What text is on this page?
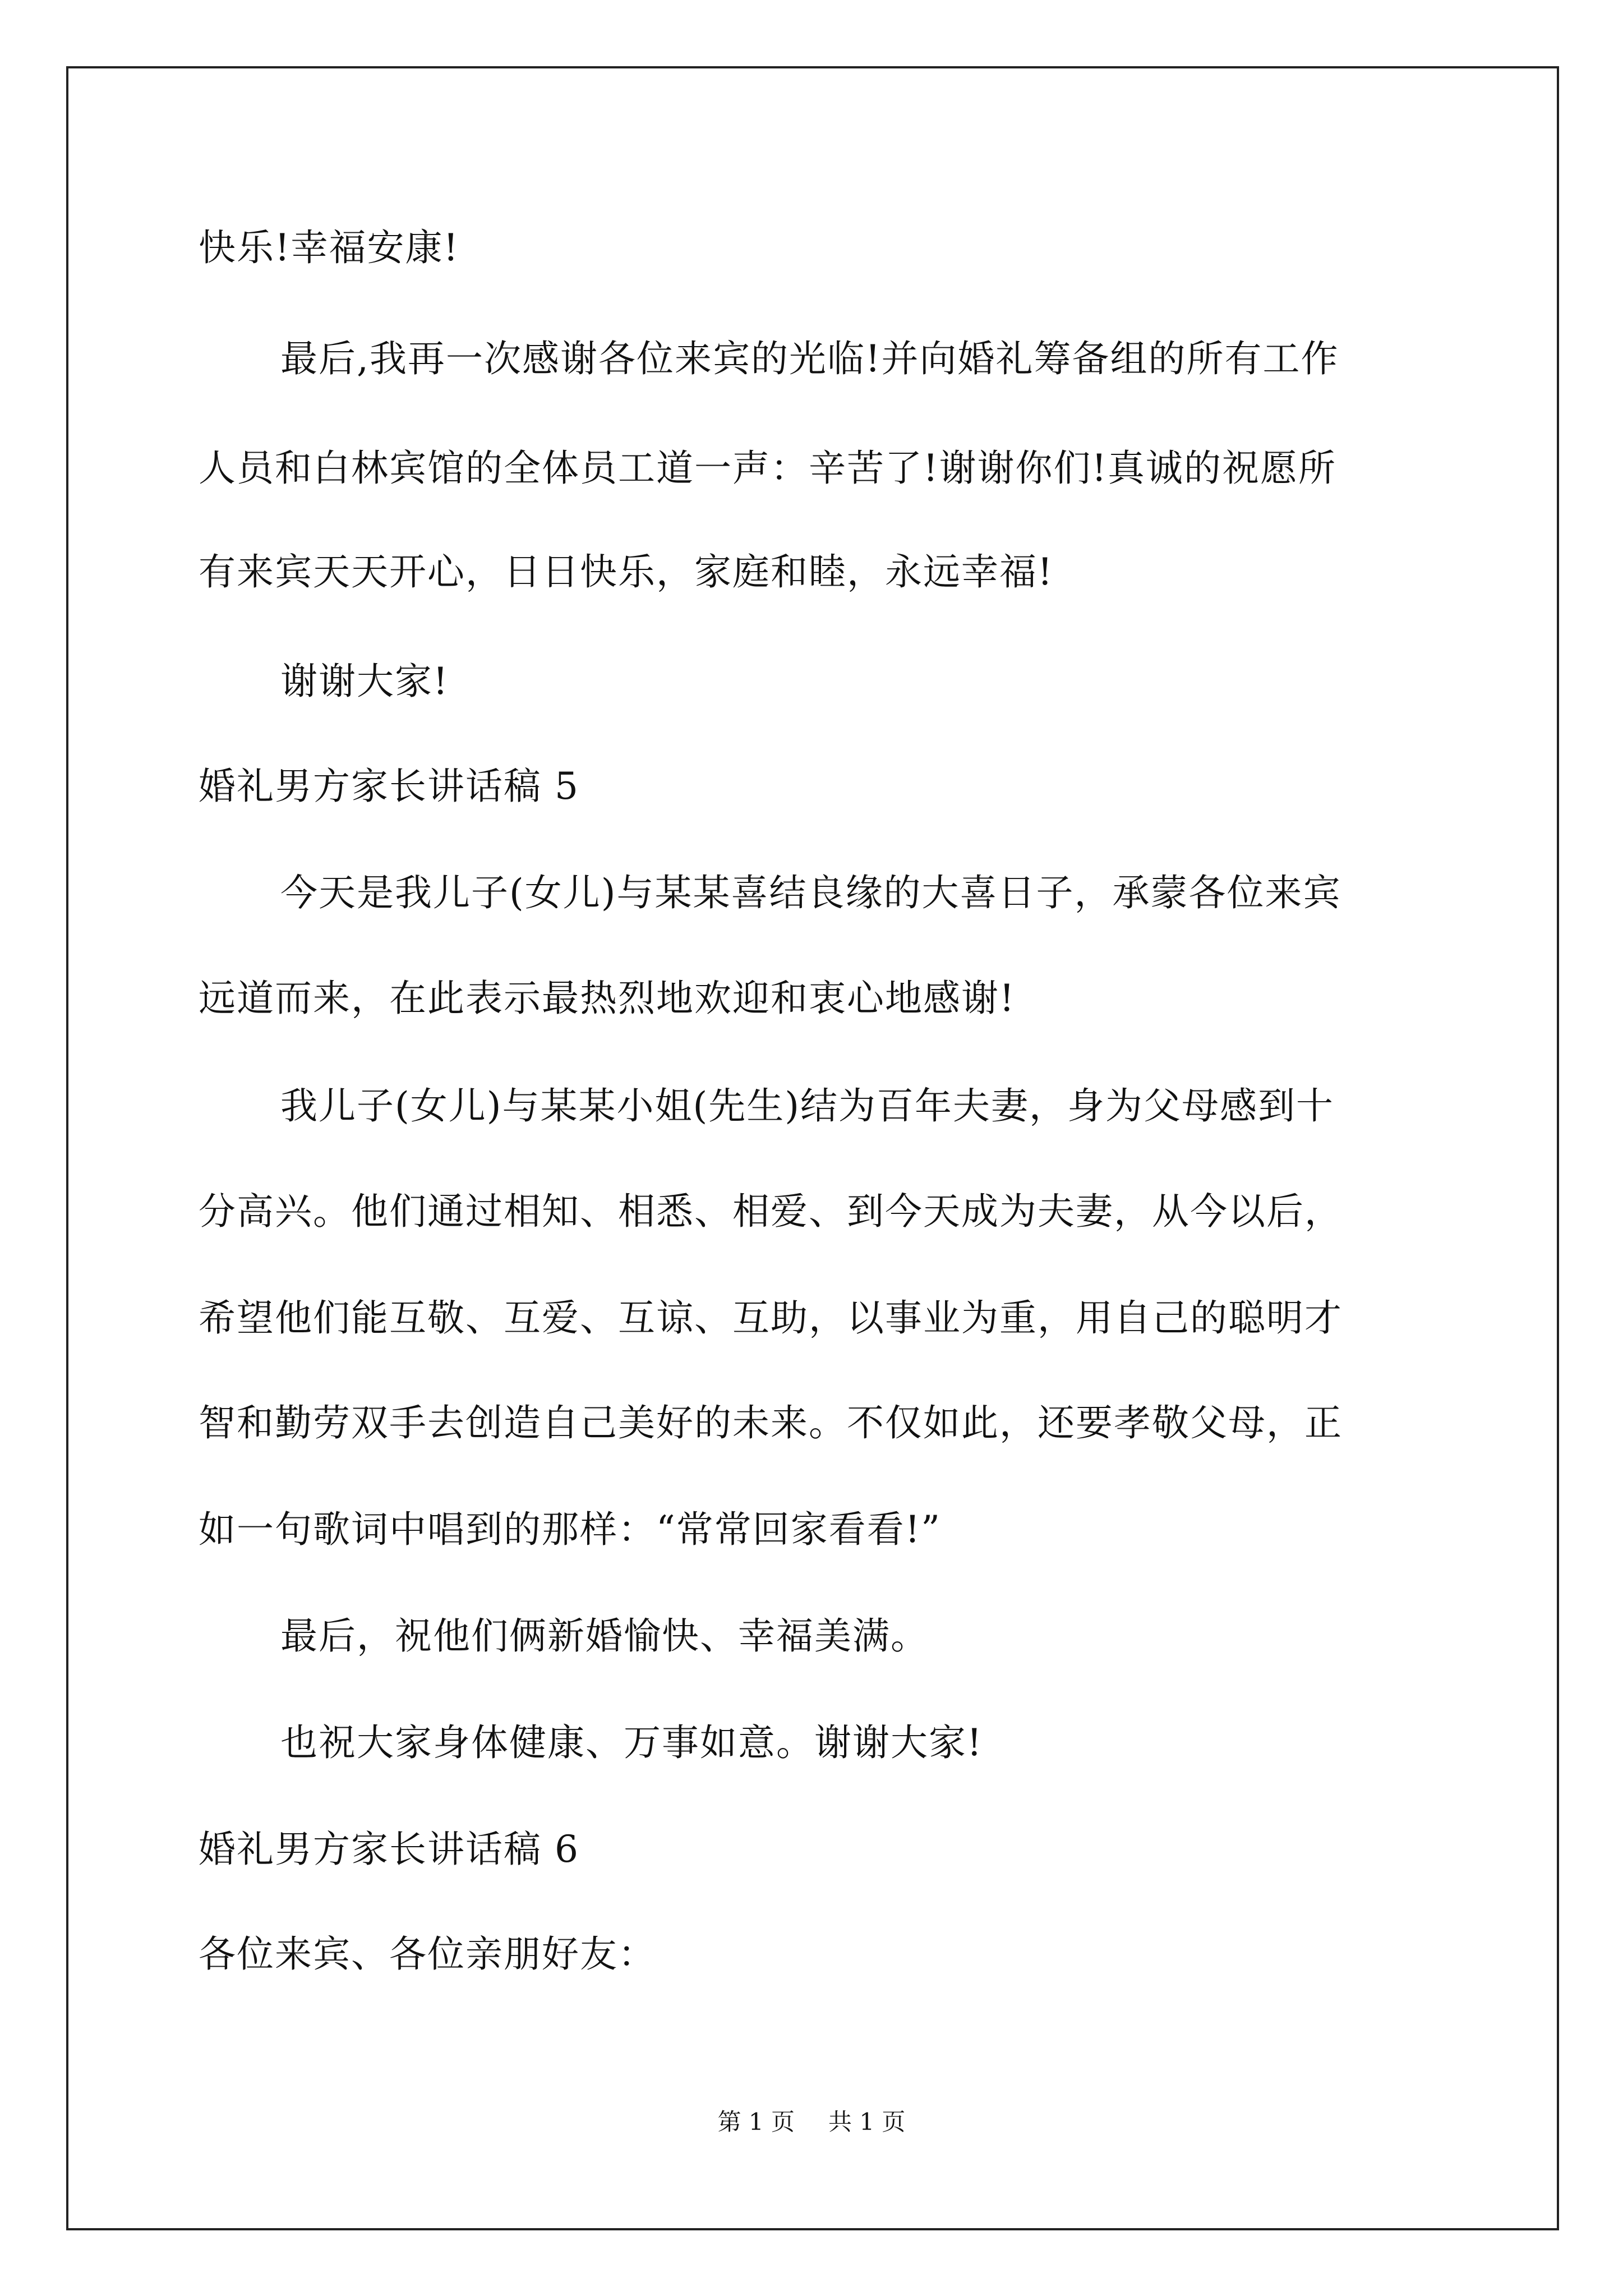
快乐!幸福安康!
最后,我再一次感谢各位来宾的光临!并向婚礼筹备组的所有工作
人员和白林宾馆的全体员工道一声：辛苦了!谢谢你们!真诚的祝愿所
有来宾天天开心，日日快乐，家庭和睦，永远幸福!
谢谢大家!
婚礼男方家长讲话稿 5
今天是我儿子(女儿)与某某喜结良缘的大喜日子，承蒙各位来宾
远道而来，在此表示最热烈地欢迎和衷心地感谢!
我儿子(女儿)与某某小姐(先生)结为百年夫妻，身为父母感到十
分高兴。他们通过相知、相悉、相爱、到今天成为夫妻，从今以后，
希望他们能互敬、互爱、互谅、互助，以事业为重，用自己的聪明才
智和勤劳双手去创造自己美好的未来。不仅如此，还要孝敬父母，正
如一句歌词中唱到的那样：“常常回家看看!”
最后，祝他们俩新婚愉快、幸福美满。
也祝大家身体健康、万事如意。谢谢大家!
婚礼男方家长讲话稿 6
各位来宾、各位亲朋好友：
第 1 页 共 1 页
